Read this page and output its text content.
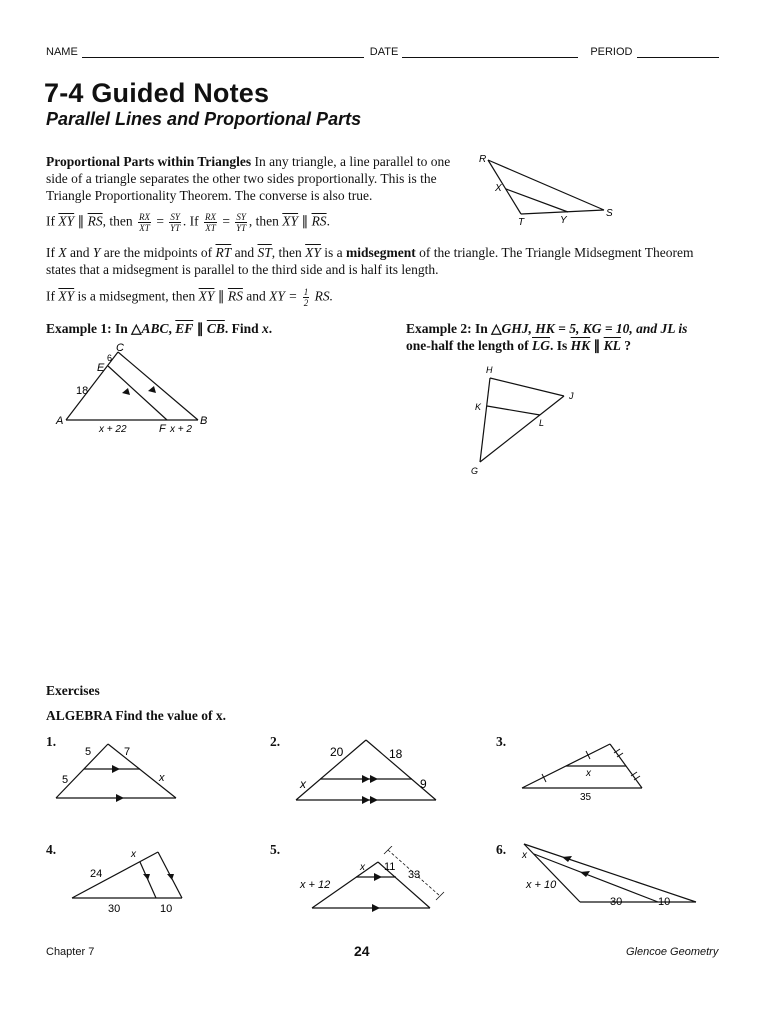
NAME	DATE	PERIOD
7-4 Guided Notes
Parallel Lines and Proportional Parts
Proportional Parts within Triangles In any triangle, a line parallel to one side of a triangle separates the other two sides proportionally. This is the Triangle Proportionality Theorem. The converse is also true.
R
X
T	Y
S
If $\overline{XY}$ ∥ $\overline{RS}$, then $\frac{RX}{XT} = \frac{SY}{YT}$ . If $\frac{RX}{XT} = \frac{SY}{YT}$ , then $\overline{XY}$ ∥ $\overline{RS}$.
If X and Y are the midpoints of $\overline{RT}$ and $\overline{ST}$, then $\overline{XY}$ is a midsegment of the triangle. The Triangle Midsegment Theorem states that a midsegment is parallel to the third side and is half its length.
If $\overline{XY}$ is a midsegment, then $\overline{XY}$ ∥ $\overline{RS}$ and XY = $\frac{1}{2}$ RS.
Example 1: In △ABC, $\overline{EF}$ ∥ $\overline{CB}$. Find x.
C
6
E
18
A	B
F
x + 22	x + 2
Example 2: In △GHJ, HK = 5, KG = 10, and JL is
one-half the length of $\overline{LG}$. Is $\overline{HK}$ ∥ $\overline{KL}$ ?
H
J
K
L
G
Exercises
ALGEBRA Find the value of x.
1.	2.	3.
4.	5.	6.
5	7
5	x
20	18
x	9
x
35
x
24
30	10
x 11
33
x + 12
x
x + 10
30	10
Chapter 7	24	Glencoe Geometry
